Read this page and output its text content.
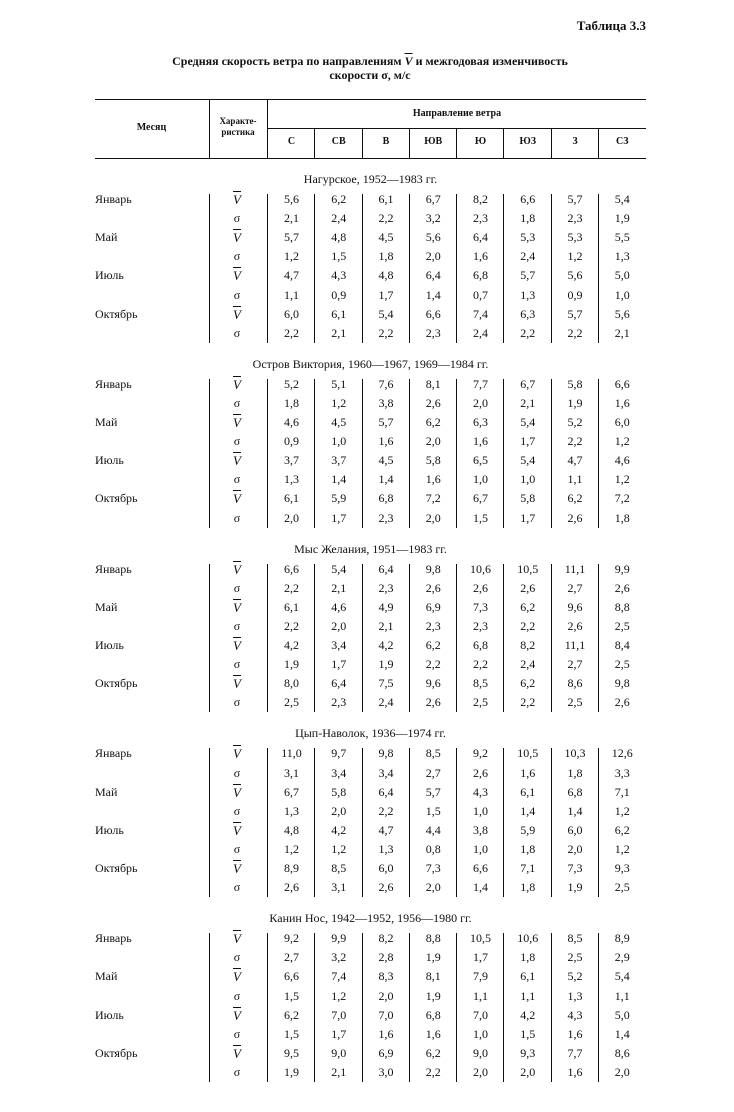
Таблица 3.3
Средняя скорость ветра по направлениям $\overline{V}$ и межгодовая изменчивость
скорости σ, м/с
Месяц
Характе-
ристика
Направление ветра
С	СВ	В	ЮВ	Ю	ЮЗ	З	СЗ
Нагурское, 1952—1983 гг.
Январь	$\overline{V}$	5,6	6,2	6,1	6,7	8,2	6,6	5,7	5,4
σ	2,1	2,4	2,2	3,2	2,3	1,8	2,3	1,9
Май	$\overline{V}$	5,7	4,8	4,5	5,6	6,4	5,3	5,3	5,5
σ	1,2	1,5	1,8	2,0	1,6	2,4	1,2	1,3
Июль	$\overline{V}$	4,7	4,3	4,8	6,4	6,8	5,7	5,6	5,0
σ	1,1	0,9	1,7	1,4	0,7	1,3	0,9	1,0
Октябрь	$\overline{V}$	6,0	6,1	5,4	6,6	7,4	6,3	5,7	5,6
σ	2,2	2,1	2,2	2,3	2,4	2,2	2,2	2,1
Остров Виктория, 1960—1967, 1969—1984 гг.
Январь	$\overline{V}$	5,2	5,1	7,6	8,1	7,7	6,7	5,8	6,6
σ	1,8	1,2	3,8	2,6	2,0	2,1	1,9	1,6
Май	$\overline{V}$	4,6	4,5	5,7	6,2	6,3	5,4	5,2	6,0
σ	0,9	1,0	1,6	2,0	1,6	1,7	2,2	1,2
Июль	$\overline{V}$	3,7	3,7	4,5	5,8	6,5	5,4	4,7	4,6
σ	1,3	1,4	1,4	1,6	1,0	1,0	1,1	1,2
Октябрь	$\overline{V}$	6,1	5,9	6,8	7,2	6,7	5,8	6,2	7,2
σ	2,0	1,7	2,3	2,0	1,5	1,7	2,6	1,8
Мыс Желания, 1951—1983 гг.
Январь	$\overline{V}$	6,6	5,4	6,4	9,8	10,6	10,5	11,1	9,9
σ	2,2	2,1	2,3	2,6	2,6	2,6	2,7	2,6
Май	$\overline{V}$	6,1	4,6	4,9	6,9	7,3	6,2	9,6	8,8
σ	2,2	2,0	2,1	2,3	2,3	2,2	2,6	2,5
Июль	$\overline{V}$	4,2	3,4	4,2	6,2	6,8	8,2	11,1	8,4
σ	1,9	1,7	1,9	2,2	2,2	2,4	2,7	2,5
Октябрь	$\overline{V}$	8,0	6,4	7,5	9,6	8,5	6,2	8,6	9,8
σ	2,5	2,3	2,4	2,6	2,5	2,2	2,5	2,6
Цып-Наволок, 1936—1974 гг.
Январь	$\overline{V}$	11,0	9,7	9,8	8,5	9,2	10,5	10,3	12,6
σ	3,1	3,4	3,4	2,7	2,6	1,6	1,8	3,3
Май	$\overline{V}$	6,7	5,8	6,4	5,7	4,3	6,1	6,8	7,1
σ	1,3	2,0	2,2	1,5	1,0	1,4	1,4	1,2
Июль	$\overline{V}$	4,8	4,2	4,7	4,4	3,8	5,9	6,0	6,2
σ	1,2	1,2	1,3	0,8	1,0	1,8	2,0	1,2
Октябрь	$\overline{V}$	8,9	8,5	6,0	7,3	6,6	7,1	7,3	9,3
σ	2,6	3,1	2,6	2,0	1,4	1,8	1,9	2,5
Канин Нос, 1942—1952, 1956—1980 гг.
Январь	$\overline{V}$	9,2	9,9	8,2	8,8	10,5	10,6	8,5	8,9
σ	2,7	3,2	2,8	1,9	1,7	1,8	2,5	2,9
Май	$\overline{V}$	6,6	7,4	8,3	8,1	7,9	6,1	5,2	5,4
σ	1,5	1,2	2,0	1,9	1,1	1,1	1,3	1,1
Июль	$\overline{V}$	6,2	7,0	7,0	6,8	7,0	4,2	4,3	5,0
σ	1,5	1,7	1,6	1,6	1,0	1,5	1,6	1,4
Октябрь	$\overline{V}$	9,5	9,0	6,9	6,2	9,0	9,3	7,7	8,6
σ	1,9	2,1	3,0	2,2	2,0	2,0	1,6	2,0
